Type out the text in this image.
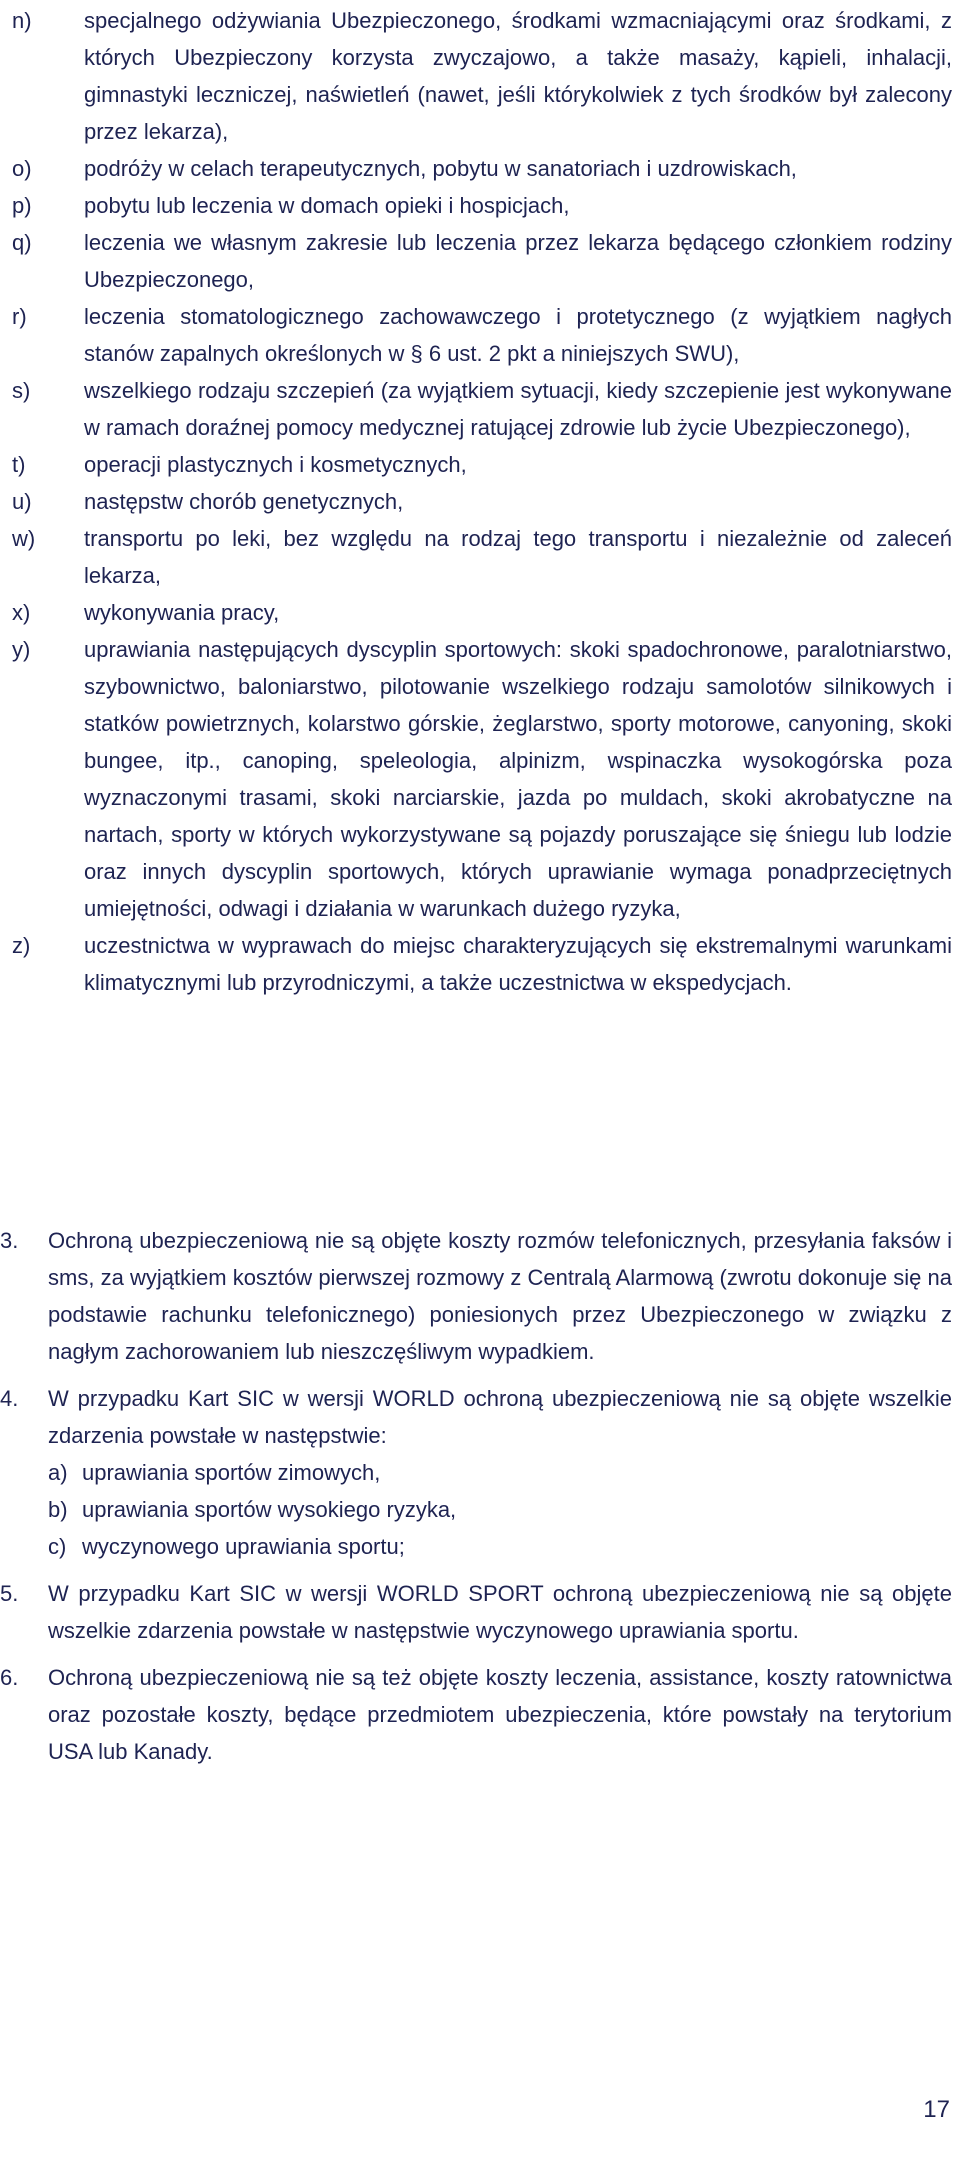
n)	specjalnego odżywiania Ubezpieczonego, środkami wzmacniającymi oraz środkami, z których Ubezpieczony korzysta zwyczajowo, a także masaży, kąpieli, inhalacji, gimnastyki leczniczej, naświetleń (nawet, jeśli którykolwiek z tych środków był zalecony przez lekarza),
o)	podróży w celach terapeutycznych, pobytu w sanatoriach i uzdrowiskach,
p)	pobytu lub leczenia w domach opieki i hospicjach,
q)	leczenia we własnym zakresie lub leczenia przez lekarza będącego członkiem rodziny Ubezpieczonego,
r)	leczenia stomatologicznego zachowawczego i protetycznego (z wyjątkiem nagłych stanów zapalnych określonych w § 6 ust. 2 pkt a niniejszych SWU),
s)	wszelkiego rodzaju szczepień (za wyjątkiem sytuacji, kiedy szczepienie jest wykonywane w ramach doraźnej pomocy medycznej ratującej zdrowie lub życie Ubezpieczonego),
t)	operacji plastycznych i kosmetycznych,
u)	następstw chorób genetycznych,
w)	transportu po leki, bez względu na rodzaj tego transportu i niezależnie od zaleceń lekarza,
x)	wykonywania pracy,
y)	uprawiania następujących dyscyplin sportowych: skoki spadochronowe, paralotniarstwo, szybownictwo, baloniarstwo, pilotowanie wszelkiego rodzaju samolotów silnikowych i statków powietrznych, kolarstwo górskie, żeglarstwo, sporty motorowe, canyoning, skoki bungee, itp., canoping, speleologia, alpinizm, wspinaczka wysokogórska poza wyznaczonymi trasami, skoki narciarskie, jazda po muldach, skoki akrobatyczne na nartach, sporty w których wykorzystywane są pojazdy poruszające się śniegu lub lodzie oraz innych dyscyplin sportowych, których uprawianie wymaga ponadprzeciętnych umiejętności, odwagi i działania w warunkach dużego ryzyka,
z)	uczestnictwa w wyprawach do miejsc charakteryzujących się ekstremalnymi warunkami klimatycznymi lub przyrodniczymi, a także uczestnictwa w ekspedycjach.
3.	Ochroną ubezpieczeniową nie są objęte koszty rozmów telefonicznych, przesyłania faksów i sms, za wyjątkiem kosztów pierwszej rozmowy z Centralą Alarmową (zwrotu dokonuje się na podstawie rachunku telefonicznego) poniesionych przez Ubezpieczonego w związku z nagłym zachorowaniem lub nieszczęśliwym wypadkiem.
4.	W przypadku Kart SIC w wersji WORLD ochroną ubezpieczeniową nie są objęte wszelkie zdarzenia powstałe w następstwie:
a) uprawiania sportów zimowych,
b) uprawiania sportów wysokiego ryzyka,
c) wyczynowego uprawiania sportu;
5.	W przypadku Kart SIC w wersji WORLD SPORT ochroną ubezpieczeniową nie są objęte wszelkie zdarzenia powstałe w następstwie wyczynowego uprawiania sportu.
6.	Ochroną ubezpieczeniową nie są też objęte koszty leczenia, assistance, koszty ratownictwa oraz pozostałe koszty, będące przedmiotem ubezpieczenia, które powstały na terytorium USA lub Kanady.
17
